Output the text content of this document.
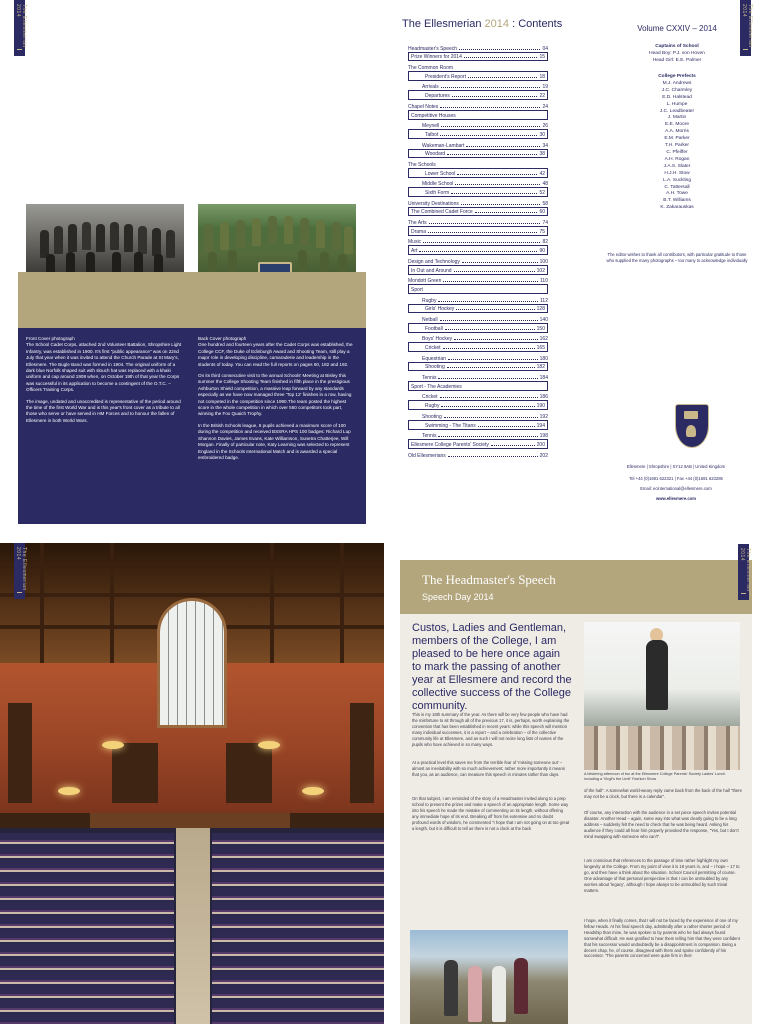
The Ellesmerian 2014

Front Cover photograph

The School Cadet Corps, attached 2nd Volunteer Battalion, Shropshire Light Infantry, was established in 1900. It's first "public appearance" was on 22nd July that year when it was invited to attend the Church Parade at St Mary's, Ellesmere. The Bugle Band was formed in 1904. The original uniform of a dark blue Norfolk shaped suit with slouch hat was replaced with a khaki uniform and cap around 1908 when, on October 19th of that year the Corps was successful in its application to become a contingent of the O.T.C. – Officers Training Corps.

The image, undated and unaccredited is representative of the period around the time of the first World War and is this year's front cover as a tribute to all those who serve or have served in HM Forces and to honour the fallen of Ellesmere in both World Wars.

Back Cover photograph

One hundred and fourteen years after the Cadet Corps was established, the College CCF, the Duke of Edinburgh Award and Shooting Team, still play a major role in developing discipline, camaraderie and leadership in the students of today. You can read the full reports on pages 60, 182 and 192.

On its third consecutive visit to the annual Schools' Meeting at Bisley this summer the College Shooting Team finished in fifth place in the prestigious Ashburton Shield competition, a massive leap forward by any standards especially as we have now managed three 'Top 12' finishes in a row, having not competed in the competition since 1990.The team posted the highest score in the whole competition in which over 550 competitors took part, winning the Fox Quaich Trophy.

In the British Schools league, 6 pupils achieved a maximum score of 100 during the competition and received BSSRA HPS 100 badges: Richard Lup Shannon Davies, James Evans, Kate Williamson, Sunetra Chatterjee, Will Morgan. Finally of particular note, Katy Learning was selected to represent England in the Schools International Match and is awarded a special embroidered badge.

The Ellesmerian 2014 : Contents
Headmaster's Speech	04
Prize Winners for 2014	15
The Common Room
President's Report	18
Arrivals	19
Departures	22
Chapel Notes	24
Competitive Houses
Meynell	26
Talbot	30
Wakeman-Lambart	34
Woodard	38
The Schools
Lower School	42
Middle School	48
Sixth Form	52
University Destinations	58
The Combined Cadet Force	60
The Arts	74
Drama	75
Music	82
Art	90
Design and Technology	100
In Out and Around	102
Mondott Green	110
Sport
Rugby	112
Girls' Hockey	128
Netball	140
Football	150
Boys' Hockey	162
Cricket	165
Equestrian	180
Shooting	182
Tennis	184
Sport - The Academies
Cricket	186
Rugby	190
Shooting	192
Swimming - The Titans	194
Tennis	198
Ellesmere College Parents' Society	200
Old Ellesmerians	202
Volume CXXIV – 2014
Captains of School
Head Boy: P.J. von Hoven
Head Girl: E.E. Palmer
College Prefects
M.J. Andrews
J.C. Charmley
E.D. Halstead
L. Humpe
J.C. Leadbeater
J. Martin
E.E. Moore
A.A. Morris
E.M. Parker
T.H. Parker
C. Pfeiffer
A.H. Rogan
J.A.S. Slater
H.J.H. Stow
L.A. Suckling
C. Tattersall
A.H. Towe
B.T. Williams
K. Zakarauskas
The editor wishes to thank all contributors, with particular gratitude to those who supplied the many photographs – too many to acknowledge individually
Ellesmere | Shropshire | SY12 9AB | United Kingdom
Tel +44 (0)1691 622321 | Fax +44 (0)1691 623286
Email: ecinternational@ellesmere.com
www.ellesmere.com
The Ellesmerian 2014
The Ellesmerian 2014
The Headmaster's Speech
Speech Day 2014
Custos, Ladies and Gentleman, members of the College, I am pleased to be here once again to mark the passing of another year at Ellesmere and record the collective success of the College community.
This is my 18th summary of the year. As there will be very few people who have had the misfortune to sit through all of the previous 17, it is, perhaps, worth explaining the convention that has been established in recent years: while this speech will mention many individual successes, it is a report – and a celebration – of the collective community life at Ellesmere, and as such I will not recite long lists of names of the pupils who have achieved in so many ways.
At a practical level this saves me from the terrible fear of 'missing someone out' – almost an inevitability with so much achievement; rather more importantly it means that you, as an audience, can measure this speech in minutes rather than days.
On that subject, I am reminded of the story of a Headmaster invited along to a prep school to present the prizes and make a speech of an appropriate length. Some way into his speech he made the mistake of commenting on its length, without offering any immediate hope of its end. Breaking off from his extensive and no doubt profound words of wisdom, he commented "I hope that I am not going on at too great a length, but it is difficult to tell as there is not a clock at the back
A blistering afternoon of fun at the Ellesmere College Parents' Society Ladies' Lunch including a 'Virgil's the Limit' Fashion Show
of the hall". A somewhat world-weary reply came back from the back of the hall "there may not be a clock, but there is a calendar".
Of course, any interaction with the audience in a set piece speech invites potential disaster. Another Head – again, some way into what was clearly going to be a long address – suddenly felt the need to check that he was being heard. Asking his audience if they could all hear him properly provoked the response, "Yes, but I don't mind swapping with someone who can't".
I am conscious that references to the passage of time rather highlight my own longevity at the College. From my point of view it is 18 years in, and – I hope – 17 to go, and then have a think about the situation. School Council permitting of course. One advantage of that personal perspective is that I can be untroubled by any worries about 'legacy', although I hope always to be untroubled by such trivial matters.
I hope, when it finally comes, that I will not be faced by the experience of one of my fellow Heads. At his final speech day, admittedly after a rather shorter period of Headship than mine, he was spoken to by parents who he had always found somewhat difficult. He was gratified to hear them telling him that they were confident that his successor would undoubtedly be a disappointment in comparison. Being a decent chap, he, of course, disagreed with them and spoke confidently of his successor. "The parents concerned were quite firm in their
The Ellesmerian 2014
